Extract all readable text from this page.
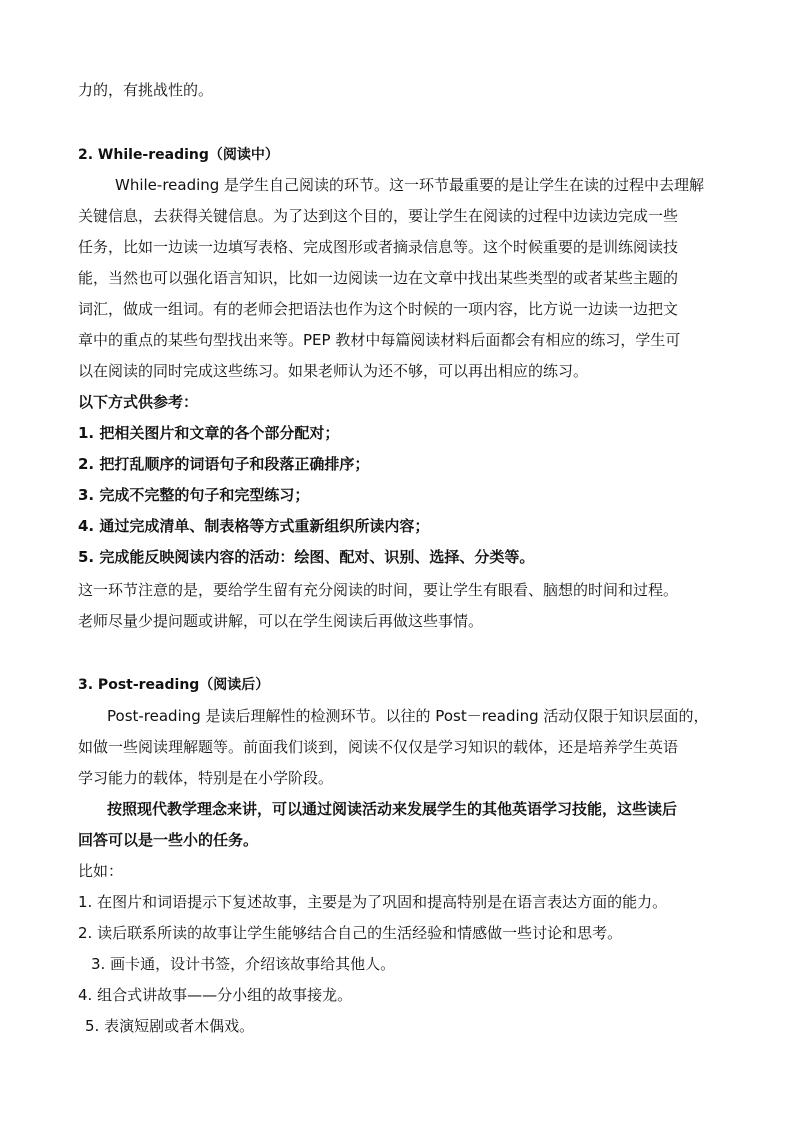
力的，有挑战性的。
2. While-reading（阅读中）
While-reading 是学生自己阅读的环节。这一环节最重要的是让学生在读的过程中去理解
关键信息，去获得关键信息。为了达到这个目的，要让学生在阅读的过程中边读边完成一些
任务，比如一边读一边填写表格、完成图形或者摘录信息等。这个时候重要的是训练阅读技
能，当然也可以强化语言知识，比如一边阅读一边在文章中找出某些类型的或者某些主题的
词汇，做成一组词。有的老师会把语法也作为这个时候的一项内容，比方说一边读一边把文
章中的重点的某些句型找出来等。PEP 教材中每篇阅读材料后面都会有相应的练习，学生可
以在阅读的同时完成这些练习。如果老师认为还不够，可以再出相应的练习。
以下方式供参考：
1. 把相关图片和文章的各个部分配对；
2. 把打乱顺序的词语句子和段落正确排序；
3. 完成不完整的句子和完型练习；
4. 通过完成清单、制表格等方式重新组织所读内容；
5. 完成能反映阅读内容的活动：绘图、配对、识别、选择、分类等。
这一环节注意的是，要给学生留有充分阅读的时间，要让学生有眼看、脑想的时间和过程。
老师尽量少提问题或讲解，可以在学生阅读后再做这些事情。
3. Post-reading（阅读后）
Post-reading 是读后理解性的检测环节。以往的 Post－reading 活动仅限于知识层面的，
如做一些阅读理解题等。前面我们谈到，阅读不仅仅是学习知识的载体，还是培养学生英语
学习能力的载体，特别是在小学阶段。
按照现代教学理念来讲，可以通过阅读活动来发展学生的其他英语学习技能，这些读后
回答可以是一些小的任务。
比如：
1. 在图片和词语提示下复述故事，主要是为了巩固和提高特别是在语言表达方面的能力。
2. 读后联系所读的故事让学生能够结合自己的生活经验和情感做一些讨论和思考。
3. 画卡通，设计书签，介绍该故事给其他人。
4. 组合式讲故事——分小组的故事接龙。
5. 表演短剧或者木偶戏。
